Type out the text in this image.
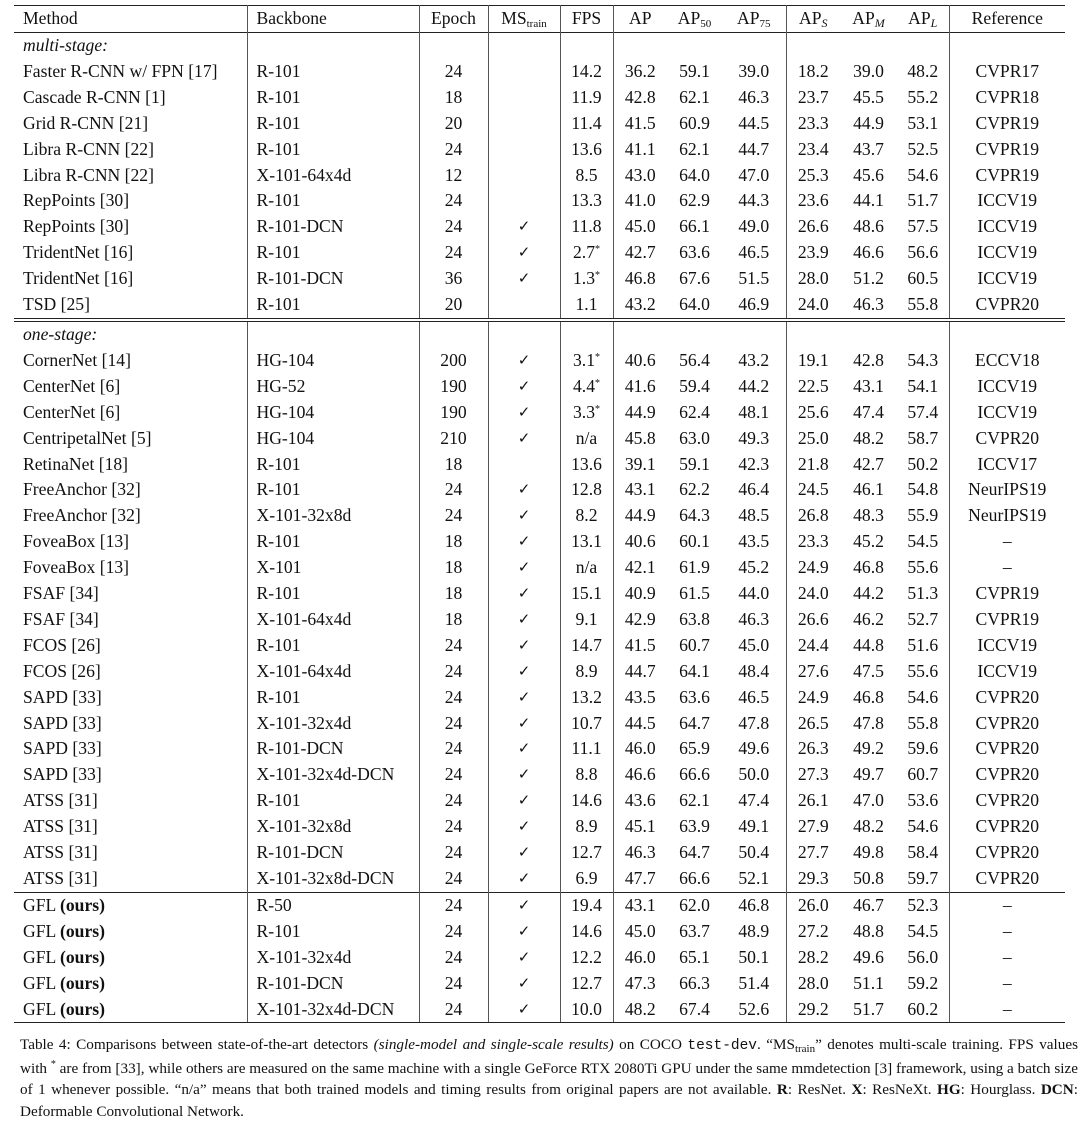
Method	Backbone	Epoch	$MS_{train}$	FPS	AP	$AP_{50}$	$AP_{75}$	$AP_S$	$AP_M$	$AP_L$	Reference
multi-stage:											
Faster R-CNN w/ FPN [17]	R-101	24		14.2	36.2	59.1	39.0	18.2	39.0	48.2	CVPR17
Cascade R-CNN [1]	R-101	18		11.9	42.8	62.1	46.3	23.7	45.5	55.2	CVPR18
Grid R-CNN [21]	R-101	20		11.4	41.5	60.9	44.5	23.3	44.9	53.1	CVPR19
Libra R-CNN [22]	R-101	24		13.6	41.1	62.1	44.7	23.4	43.7	52.5	CVPR19
Libra R-CNN [22]	X-101-64x4d	12		8.5	43.0	64.0	47.0	25.3	45.6	54.6	CVPR19
RepPoints [30]	R-101	24		13.3	41.0	62.9	44.3	23.6	44.1	51.7	ICCV19
RepPoints [30]	R-101-DCN	24	✓	11.8	45.0	66.1	49.0	26.6	48.6	57.5	ICCV19
TridentNet [16]	R-101	24	✓	2.7*	42.7	63.6	46.5	23.9	46.6	56.6	ICCV19
TridentNet [16]	R-101-DCN	36	✓	1.3*	46.8	67.6	51.5	28.0	51.2	60.5	ICCV19
TSD [25]	R-101	20		1.1	43.2	64.0	46.9	24.0	46.3	55.8	CVPR20
one-stage:											
CornerNet [14]	HG-104	200	✓	3.1*	40.6	56.4	43.2	19.1	42.8	54.3	ECCV18
CenterNet [6]	HG-52	190	✓	4.4*	41.6	59.4	44.2	22.5	43.1	54.1	ICCV19
CenterNet [6]	HG-104	190	✓	3.3*	44.9	62.4	48.1	25.6	47.4	57.4	ICCV19
CentripetalNet [5]	HG-104	210	✓	n/a	45.8	63.0	49.3	25.0	48.2	58.7	CVPR20
RetinaNet [18]	R-101	18		13.6	39.1	59.1	42.3	21.8	42.7	50.2	ICCV17
FreeAnchor [32]	R-101	24	✓	12.8	43.1	62.2	46.4	24.5	46.1	54.8	NeurIPS19
FreeAnchor [32]	X-101-32x8d	24	✓	8.2	44.9	64.3	48.5	26.8	48.3	55.9	NeurIPS19
FoveaBox [13]	R-101	18	✓	13.1	40.6	60.1	43.5	23.3	45.2	54.5	–
FoveaBox [13]	X-101	18	✓	n/a	42.1	61.9	45.2	24.9	46.8	55.6	–
FSAF [34]	R-101	18	✓	15.1	40.9	61.5	44.0	24.0	44.2	51.3	CVPR19
FSAF [34]	X-101-64x4d	18	✓	9.1	42.9	63.8	46.3	26.6	46.2	52.7	CVPR19
FCOS [26]	R-101	24	✓	14.7	41.5	60.7	45.0	24.4	44.8	51.6	ICCV19
FCOS [26]	X-101-64x4d	24	✓	8.9	44.7	64.1	48.4	27.6	47.5	55.6	ICCV19
SAPD [33]	R-101	24	✓	13.2	43.5	63.6	46.5	24.9	46.8	54.6	CVPR20
SAPD [33]	X-101-32x4d	24	✓	10.7	44.5	64.7	47.8	26.5	47.8	55.8	CVPR20
SAPD [33]	R-101-DCN	24	✓	11.1	46.0	65.9	49.6	26.3	49.2	59.6	CVPR20
SAPD [33]	X-101-32x4d-DCN	24	✓	8.8	46.6	66.6	50.0	27.3	49.7	60.7	CVPR20
ATSS [31]	R-101	24	✓	14.6	43.6	62.1	47.4	26.1	47.0	53.6	CVPR20
ATSS [31]	X-101-32x8d	24	✓	8.9	45.1	63.9	49.1	27.9	48.2	54.6	CVPR20
ATSS [31]	R-101-DCN	24	✓	12.7	46.3	64.7	50.4	27.7	49.8	58.4	CVPR20
ATSS [31]	X-101-32x8d-DCN	24	✓	6.9	47.7	66.6	52.1	29.3	50.8	59.7	CVPR20
GFL (ours)	R-50	24	✓	19.4	43.1	62.0	46.8	26.0	46.7	52.3	–
GFL (ours)	R-101	24	✓	14.6	45.0	63.7	48.9	27.2	48.8	54.5	–
GFL (ours)	X-101-32x4d	24	✓	12.2	46.0	65.1	50.1	28.2	49.6	56.0	–
GFL (ours)	R-101-DCN	24	✓	12.7	47.3	66.3	51.4	28.0	51.1	59.2	–
GFL (ours)	X-101-32x4d-DCN	24	✓	10.0	48.2	67.4	52.6	29.2	51.7	60.2	–
Table 4: Comparisons between state-of-the-art detectors (single-model and single-scale results) on COCO test-dev. “$MS_{train}$” denotes multi-scale training. FPS values with * are from [33], while others are measured on the same machine with a single GeForce RTX 2080Ti GPU under the same mmdetection [3] framework, using a batch size of 1 whenever possible. “n/a” means that both trained models and timing results from original papers are not available. R: ResNet. X: ResNeXt. HG: Hourglass. DCN: Deformable Convolutional Network.
